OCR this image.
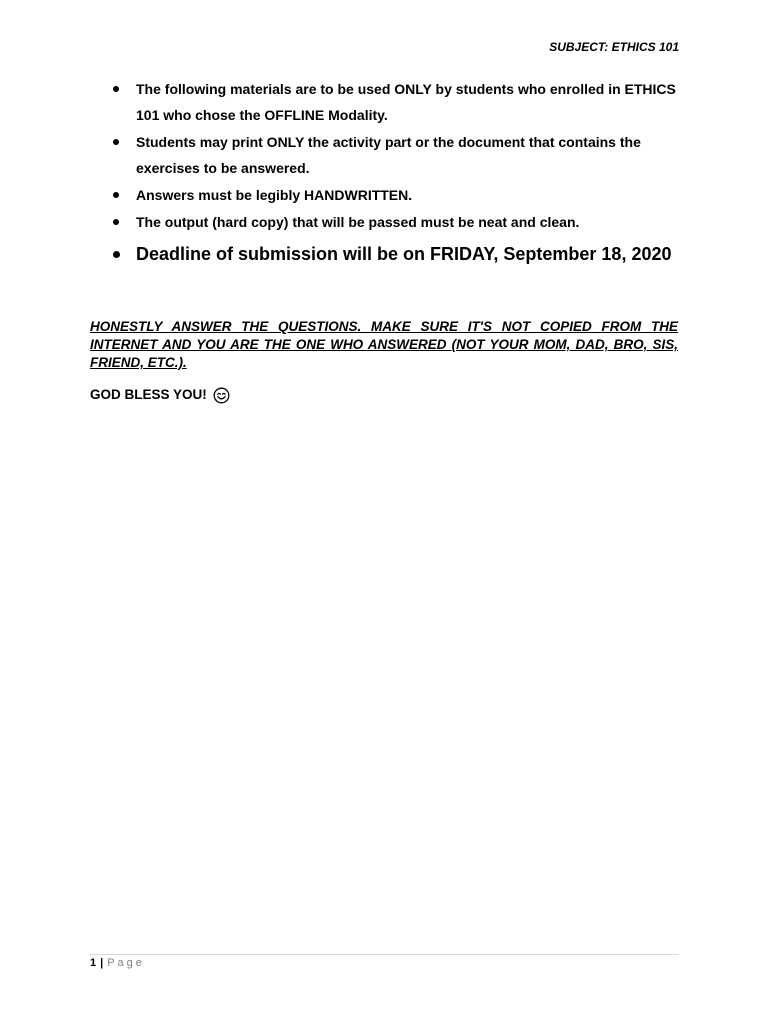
SUBJECT: ETHICS 101
The following materials are to be used ONLY by students who enrolled in ETHICS 101 who chose the OFFLINE Modality.
Students may print ONLY the activity part or the document that contains the exercises to be answered.
Answers must be legibly HANDWRITTEN.
The output (hard copy) that will be passed must be neat and clean.
Deadline of submission will be on FRIDAY, September 18, 2020
HONESTLY ANSWER THE QUESTIONS. MAKE SURE IT'S NOT COPIED FROM THE INTERNET AND YOU ARE THE ONE WHO ANSWERED (NOT YOUR MOM, DAD, BRO, SIS, FRIEND, ETC.).
GOD BLESS YOU!
1 | Page
